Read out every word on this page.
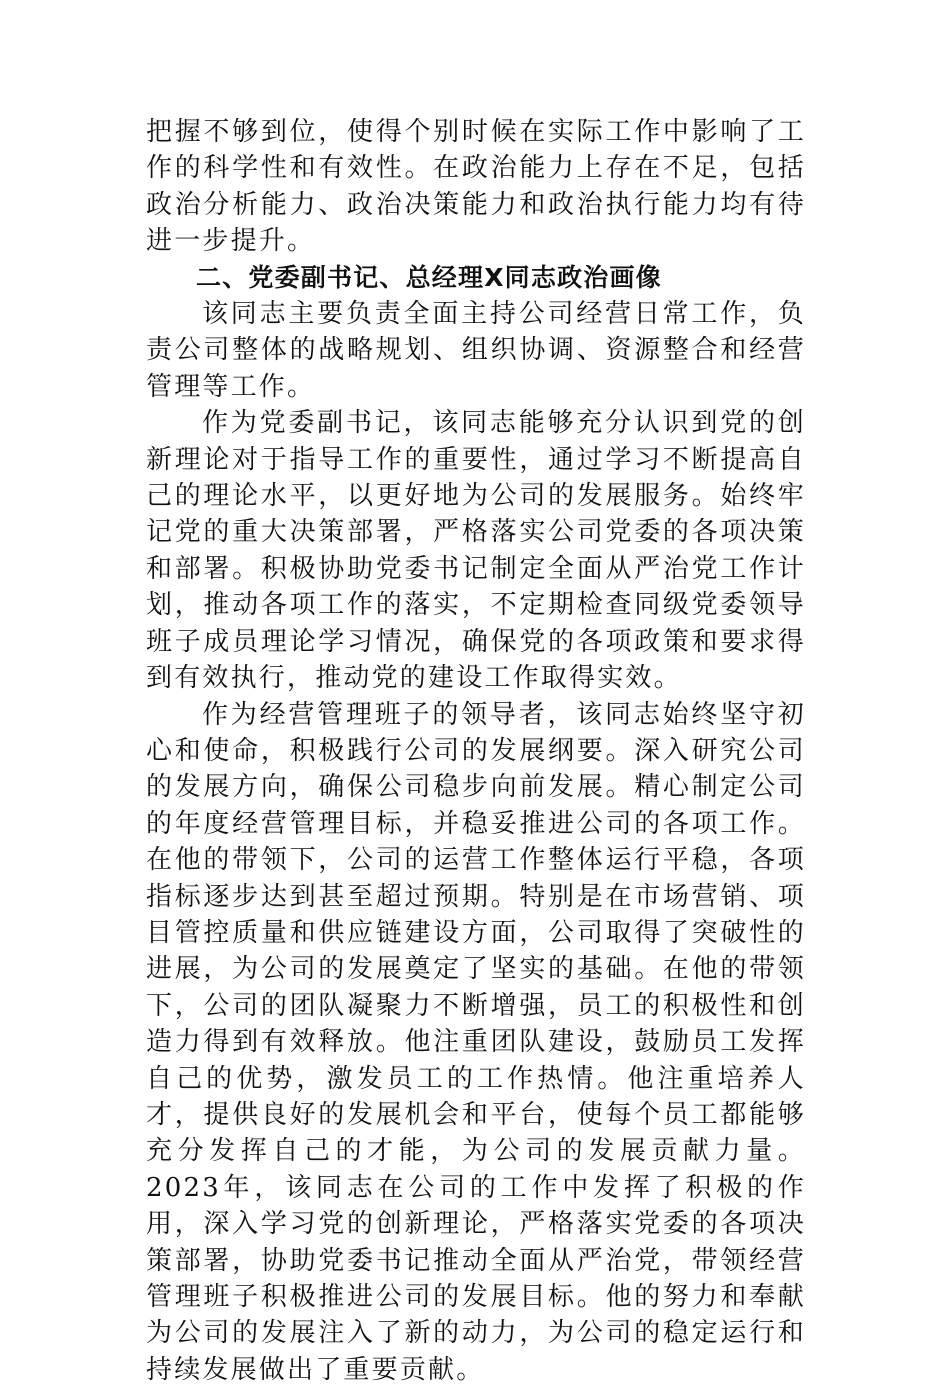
把握不够到位，使得个别时候在实际工作中影响了工作的科学性和有效性。在政治能力上存在不足，包括政治分析能力、政治决策能力和政治执行能力均有待进一步提升。

二、党委副书记、总经理X同志政治画像

该同志主要负责全面主持公司经营日常工作，负责公司整体的战略规划、组织协调、资源整合和经营管理等工作。

作为党委副书记，该同志能够充分认识到党的创新理论对于指导工作的重要性，通过学习不断提高自己的理论水平，以更好地为公司的发展服务。始终牢记党的重大决策部署，严格落实公司党委的各项决策和部署。积极协助党委书记制定全面从严治党工作计划，推动各项工作的落实，不定期检查同级党委领导班子成员理论学习情况，确保党的各项政策和要求得到有效执行，推动党的建设工作取得实效。

作为经营管理班子的领导者，该同志始终坚守初心和使命，积极践行公司的发展纲要。深入研究公司的发展方向，确保公司稳步向前发展。精心制定公司的年度经营管理目标，并稳妥推进公司的各项工作。在他的带领下，公司的运营工作整体运行平稳，各项指标逐步达到甚至超过预期。特别是在市场营销、项目管控质量和供应链建设方面，公司取得了突破性的进展，为公司的发展奠定了坚实的基础。在他的带领下，公司的团队凝聚力不断增强，员工的积极性和创造力得到有效释放。他注重团队建设，鼓励员工发挥自己的优势，激发员工的工作热情。他注重培养人才，提供良好的发展机会和平台，使每个员工都能够充分发挥自己的才能，为公司的发展贡献力量。2023年，该同志在公司的工作中发挥了积极的作用，深入学习党的创新理论，严格落实党委的各项决策部署，协助党委书记推动全面从严治党，带领经营管理班子积极推进公司的发展目标。他的努力和奉献为公司的发展注入了新的动力，为公司的稳定运行和持续发展做出了重要贡献。
